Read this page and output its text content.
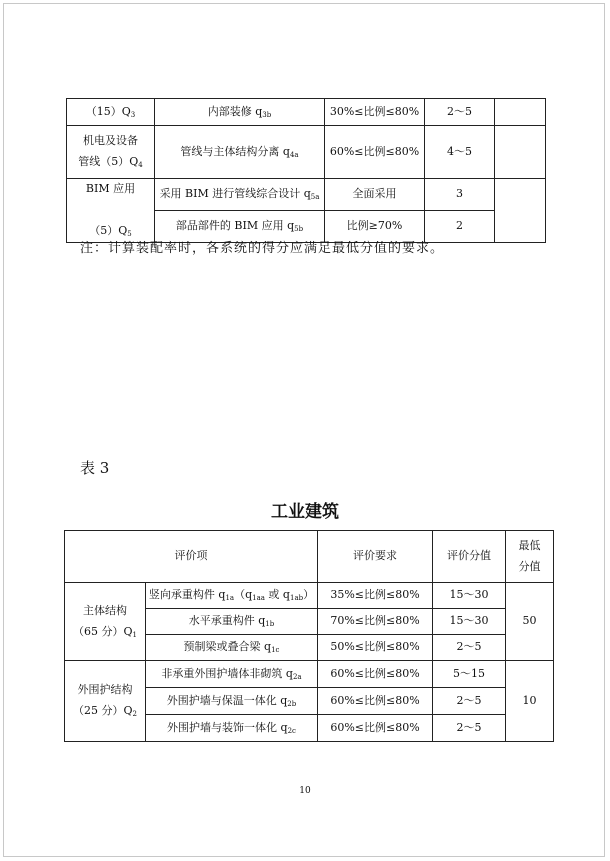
$(15)Q_3$	内部装修 $q_{3b}$	30%≤比例≤80%	2～5	
机电及设备
管线$(5)Q_4$	管线与主体结构分离 $q_{4a}$	60%≤比例≤80%	4～5	
BIM 应用

$(5)Q_5$	采用 BIM 进行管线综合设计 $q_{5a}$	全面采用	3	
	部品部件的 BIM 应用 $q_{5b}$	比例≥70%	2	
注：计算装配率时，各系统的得分应满足最低分值的要求。
表 3
工业建筑
评价项		评价要求	评价分值	最低
分值
主体结构
（65 分）$Q_1$	竖向承重构件 $q_{1a}(q_{1aa}$ 或 $q_{1ab}$）	35%≤比例≤80%	15～30	50
	水平承重构件 $q_{1b}$	70%≤比例≤80%	15～30	
	预制梁或叠合梁 $q_{1c}$	50%≤比例≤80%	2～5	
外围护结构
（25 分）$Q_2$	非承重外围护墙体非砌筑 $q_{2a}$	60%≤比例≤80%	5～15	10
	外围护墙与保温一体化 $q_{2b}$	60%≤比例≤80%	2～5	
	外围护墙与装饰一体化 $q_{2c}$	60%≤比例≤80%	2～5	
10
